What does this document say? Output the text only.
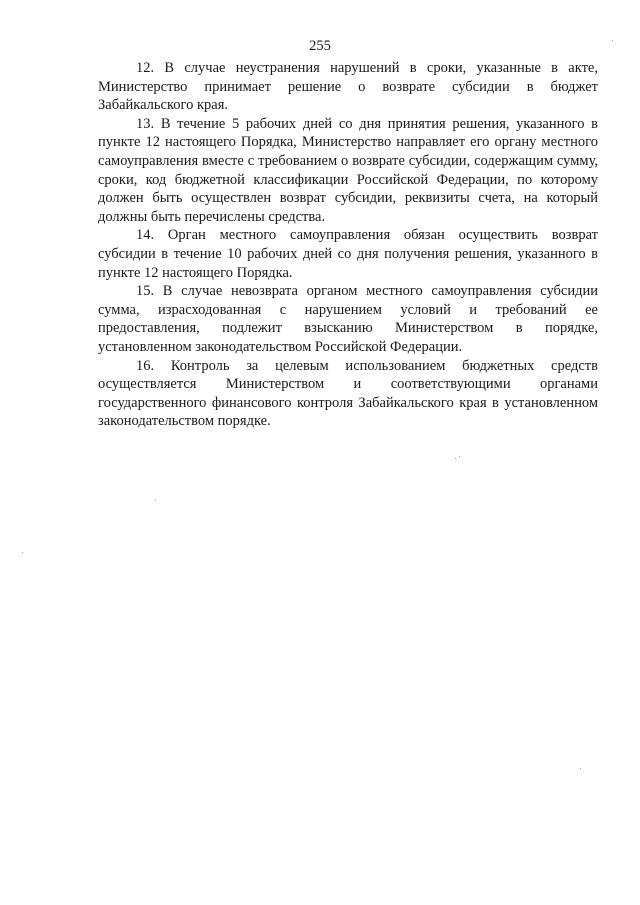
255

12. В случае неустранения нарушений в сроки, указанные в акте, Министерство принимает решение о возврате субсидии в бюджет Забайкальского края.

13. В течение 5 рабочих дней со дня принятия решения, указанного в пункте 12 настоящего Порядка, Министерство направляет его органу местного самоуправления вместе с требованием о возврате субсидии, содержащим сумму, сроки, код бюджетной классификации Российской Федерации, по которому должен быть осуществлен возврат субсидии, реквизиты счета, на который должны быть перечислены средства.

14. Орган местного самоуправления обязан осуществить возврат субсидии в течение 10 рабочих дней со дня получения решения, указанного в пункте 12 настоящего Порядка.

15. В случае невозврата органом местного самоуправления субсидии сумма, израсходованная с нарушением условий и требований ее предоставления, подлежит взысканию Министерством в порядке, установленном законодательством Российской Федерации.

16. Контроль за целевым использованием бюджетных средств осуществляется Министерством и соответствующими органами государственного финансового контроля Забайкальского края в установленном законодательством порядке.
